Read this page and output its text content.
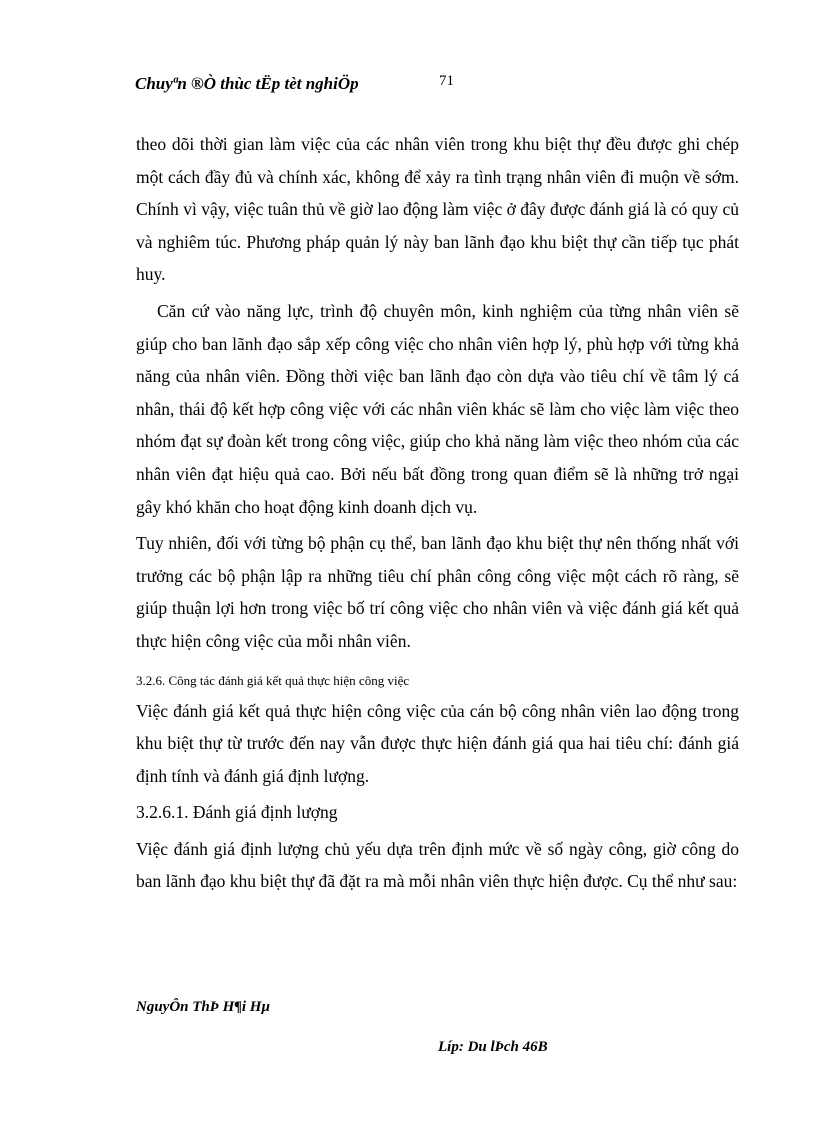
Chuyªn ®Ò thùc tËp tèt nghiÖp	71

theo dõi thời gian làm việc của các nhân viên trong khu biệt thự đều được ghi chép một cách đầy đủ và chính xác, không để xảy ra tình trạng nhân viên đi muộn về sớm. Chính vì vậy, việc tuân thủ về giờ lao động làm việc ở đây được đánh giá là có quy củ và nghiêm túc. Phương pháp quản lý này ban lãnh đạo khu biệt thự cần tiếp tục phát huy.

Căn cứ vào năng lực, trình độ chuyên môn, kinh nghiệm của từng nhân viên sẽ giúp cho ban lãnh đạo sắp xếp công việc cho nhân viên hợp lý, phù hợp với từng khả năng của nhân viên. Đồng thời việc ban lãnh đạo còn dựa vào tiêu chí về tâm lý cá nhân, thái độ kết hợp công việc với các nhân viên khác sẽ làm cho việc làm việc theo nhóm đạt sự đoàn kết trong công việc, giúp cho khả năng làm việc theo nhóm của các nhân viên đạt hiệu quả cao. Bởi nếu bất đồng trong quan điểm sẽ là những trở ngại gây khó khăn cho hoạt động kinh doanh dịch vụ.

Tuy nhiên, đối với từng bộ phận cụ thể, ban lãnh đạo khu biệt thự nên thống nhất với trưởng các bộ phận lập ra những tiêu chí phân công công việc một cách rõ ràng, sẽ giúp thuận lợi hơn trong việc bố trí công việc cho nhân viên và việc đánh giá kết quả thực hiện công việc của mỗi nhân viên.

3.2.6. Công tác đánh giá kết quả thực hiện công việc

Việc đánh giá kết quả thực hiện công việc của cán bộ công nhân viên lao động trong khu biệt thự từ trước đến nay vẫn được thực hiện đánh giá qua hai tiêu chí: đánh giá định tính và đánh giá định lượng.

3.2.6.1. Đánh giá định lượng

Việc đánh giá định lượng chủ yếu dựa trên định mức về số ngày công, giờ công do ban lãnh đạo khu biệt thự đã đặt ra mà mỗi nhân viên thực hiện được. Cụ thể như sau:

NguyÔn ThÞ H¶i Hµ
Líp: Du lÞch 46B
